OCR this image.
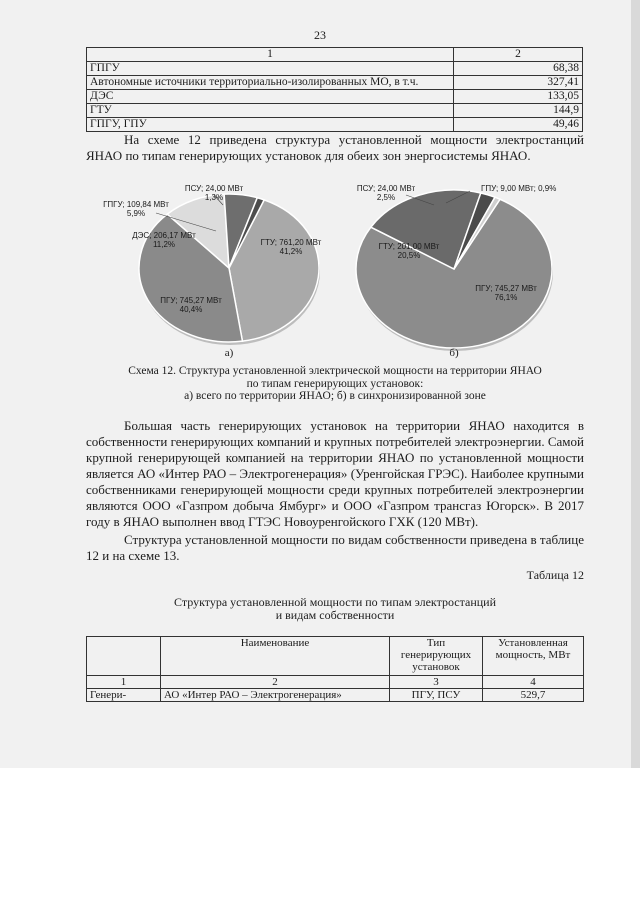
23
1	2
ГПГУ	68,38
Автономные источники территориально-изолированных МО, в т.ч.	327,41
ДЭС	133,05
ГТУ	144,9
ГПГУ, ГПУ	49,46
На схеме 12 приведена структура установленной мощности электростанций ЯНАО по типам генерирующих установок для обеих зон энергосистемы ЯНАО.
ГТУ; 761,20 МВт 41,2%
ПГУ; 745,27 МВт 40,4%
ДЭС; 206,17 МВт 11,2%
ГПГУ; 109,84 МВт 5,9%
ПСУ; 24,00 МВт 1,3%
а)
ПГУ; 745,27 МВт 76,1%
ГТУ; 201,00 МВт 20,5%
ПСУ; 24,00 МВт 2,5%
ГПУ; 9,00 МВт; 0,9%
б)
Схема 12. Структура установленной электрической мощности на территории ЯНАО
по типам генерирующих установок:
а) всего по территории ЯНАО; б) в синхронизированной зоне
Большая часть генерирующих установок на территории ЯНАО находится в собственности генерирующих компаний и крупных потребителей электроэнергии. Самой крупной генерирующей компанией на территории ЯНАО по установленной мощности является АО «Интер РАО – Электрогенерация» (Уренгойская ГРЭС). Наиболее крупными собственниками генерирующей мощности среди крупных потребителей электроэнергии являются ООО «Газпром добыча Ямбург» и ООО «Газпром трансгаз Югорск». В 2017 году в ЯНАО выполнен ввод ГТЭС Новоуренгойского ГХК (120 МВт).
Структура установленной мощности по видам собственности приведена в таблице 12 и на схеме 13.
Таблица 12
Структура установленной мощности по типам электростанций
и видам собственности
	Наименование	Тип генерирующих установок	Установленная мощность, МВт
1	2	3	4
Генери-	АО «Интер РАО – Электрогенерация»	ПГУ, ПСУ	529,7
